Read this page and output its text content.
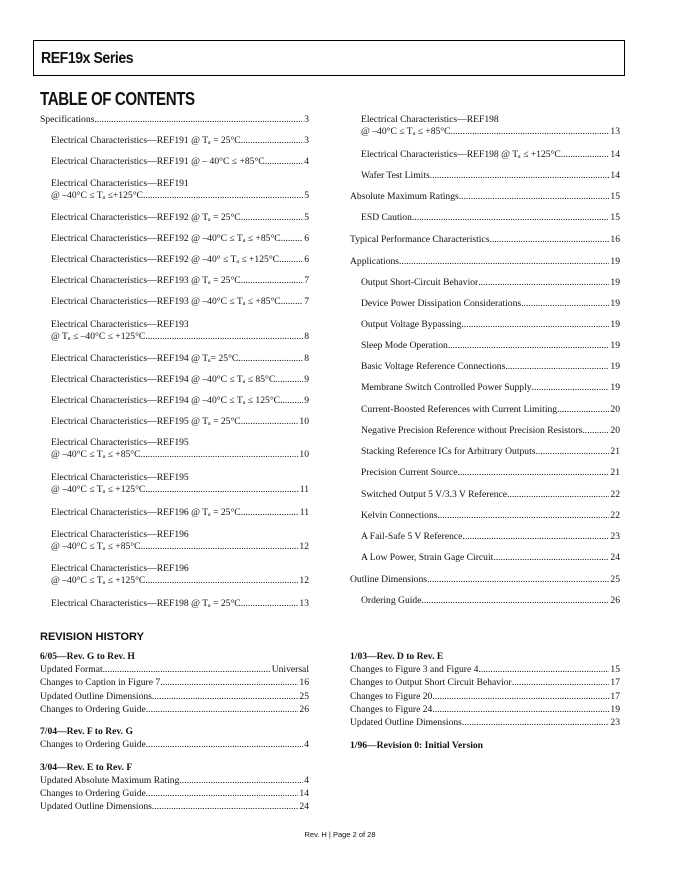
REF19x Series
TABLE OF CONTENTS
Specifications .....	3
Electrical Characteristics—REF191 @ Tₐ = 25°C .....	3
Electrical Characteristics—REF191 @ – 40°C ≤ +85°C .....	4
Electrical Characteristics—REF191
@ –40°C ≤ Tₐ ≤+125°C .....	5
Electrical Characteristics—REF192 @ Tₐ = 25°C .....	5
Electrical Characteristics—REF192 @ –40°C ≤ Tₐ ≤ +85°C ..... 6
Electrical Characteristics—REF192 @ –40° ≤ Tₐ ≤ +125°C .....	6
Electrical Characteristics—REF193 @ Tₐ = 25°C .....	7
Electrical Characteristics—REF193 @ –40°C ≤ Tₐ ≤ +85°C ..... 7
Electrical Characteristics—REF193
@ Tₐ ≤ –40°C ≤ +125°C .....	8
Electrical Characteristics—REF194 @ Tₐ= 25°C .....	8
Electrical Characteristics—REF194 @ –40°C ≤ Tₐ ≤ 85°C .....	9
Electrical Characteristics—REF194 @ –40°C ≤ Tₐ ≤ 125°C .....	9
Electrical Characteristics—REF195 @ Tₐ = 25°C .....	10
Electrical Characteristics—REF195
@ –40°C ≤ Tₐ ≤ +85°C .....	10
Electrical Characteristics—REF195
@ –40°C ≤ Tₐ ≤ +125°C .....	11
Electrical Characteristics—REF196 @ Tₐ = 25°C .....	11
Electrical Characteristics—REF196
@ –40°C ≤ Tₐ ≤ +85°C .....	12
Electrical Characteristics—REF196
@ –40°C ≤ Tₐ ≤ +125°C .....	12
Electrical Characteristics—REF198 @ Tₐ = 25°C .....	13
Electrical Characteristics—REF198
@ –40°C ≤ Tₐ ≤ +85°C .....	13
Electrical Characteristics—REF198 @ Tₐ ≤ +125°C .....	14
Wafer Test Limits .....	14
Absolute Maximum Ratings .....	15
ESD Caution .....	15
Typical Performance Characteristics .....	16
Applications .....	19
Output Short-Circuit Behavior .....	19
Device Power Dissipation Considerations .....	19
Output Voltage Bypassing .....	19
Sleep Mode Operation .....	19
Basic Voltage Reference Connections .....	19
Membrane Switch Controlled Power Supply .....	19
Current-Boosted References with Current Limiting .....	20
Negative Precision Reference without Precision Resistors .....	20
Stacking Reference ICs for Arbitrary Outputs .....	21
Precision Current Source .....	21
Switched Output 5 V/3.3 V Reference .....	22
Kelvin Connections .....	22
A Fail-Safe 5 V Reference .....	23
A Low Power, Strain Gage Circuit .....	24
Outline Dimensions .....	25
Ordering Guide .....	26
REVISION HISTORY
6/05—Rev. G to Rev. H
Updated Format .....	Universal
Changes to Caption in Figure 7 .....	16
Updated Outline Dimensions .....	25
Changes to Ordering Guide .....	26
7/04—Rev. F to Rev. G
Changes to Ordering Guide .....	4
3/04—Rev. E to Rev. F
Updated Absolute Maximum Rating .....	4
Changes to Ordering Guide .....	14
Updated Outline Dimensions .....	24
1/03—Rev. D to Rev. E
Changes to Figure 3 and Figure 4 .....	15
Changes to Output Short Circuit Behavior .....	17
Changes to Figure 20 .....	17
Changes to Figure 24 .....	19
Updated Outline Dimensions .....	23
1/96—Revision 0: Initial Version
Rev. H | Page 2 of 28
